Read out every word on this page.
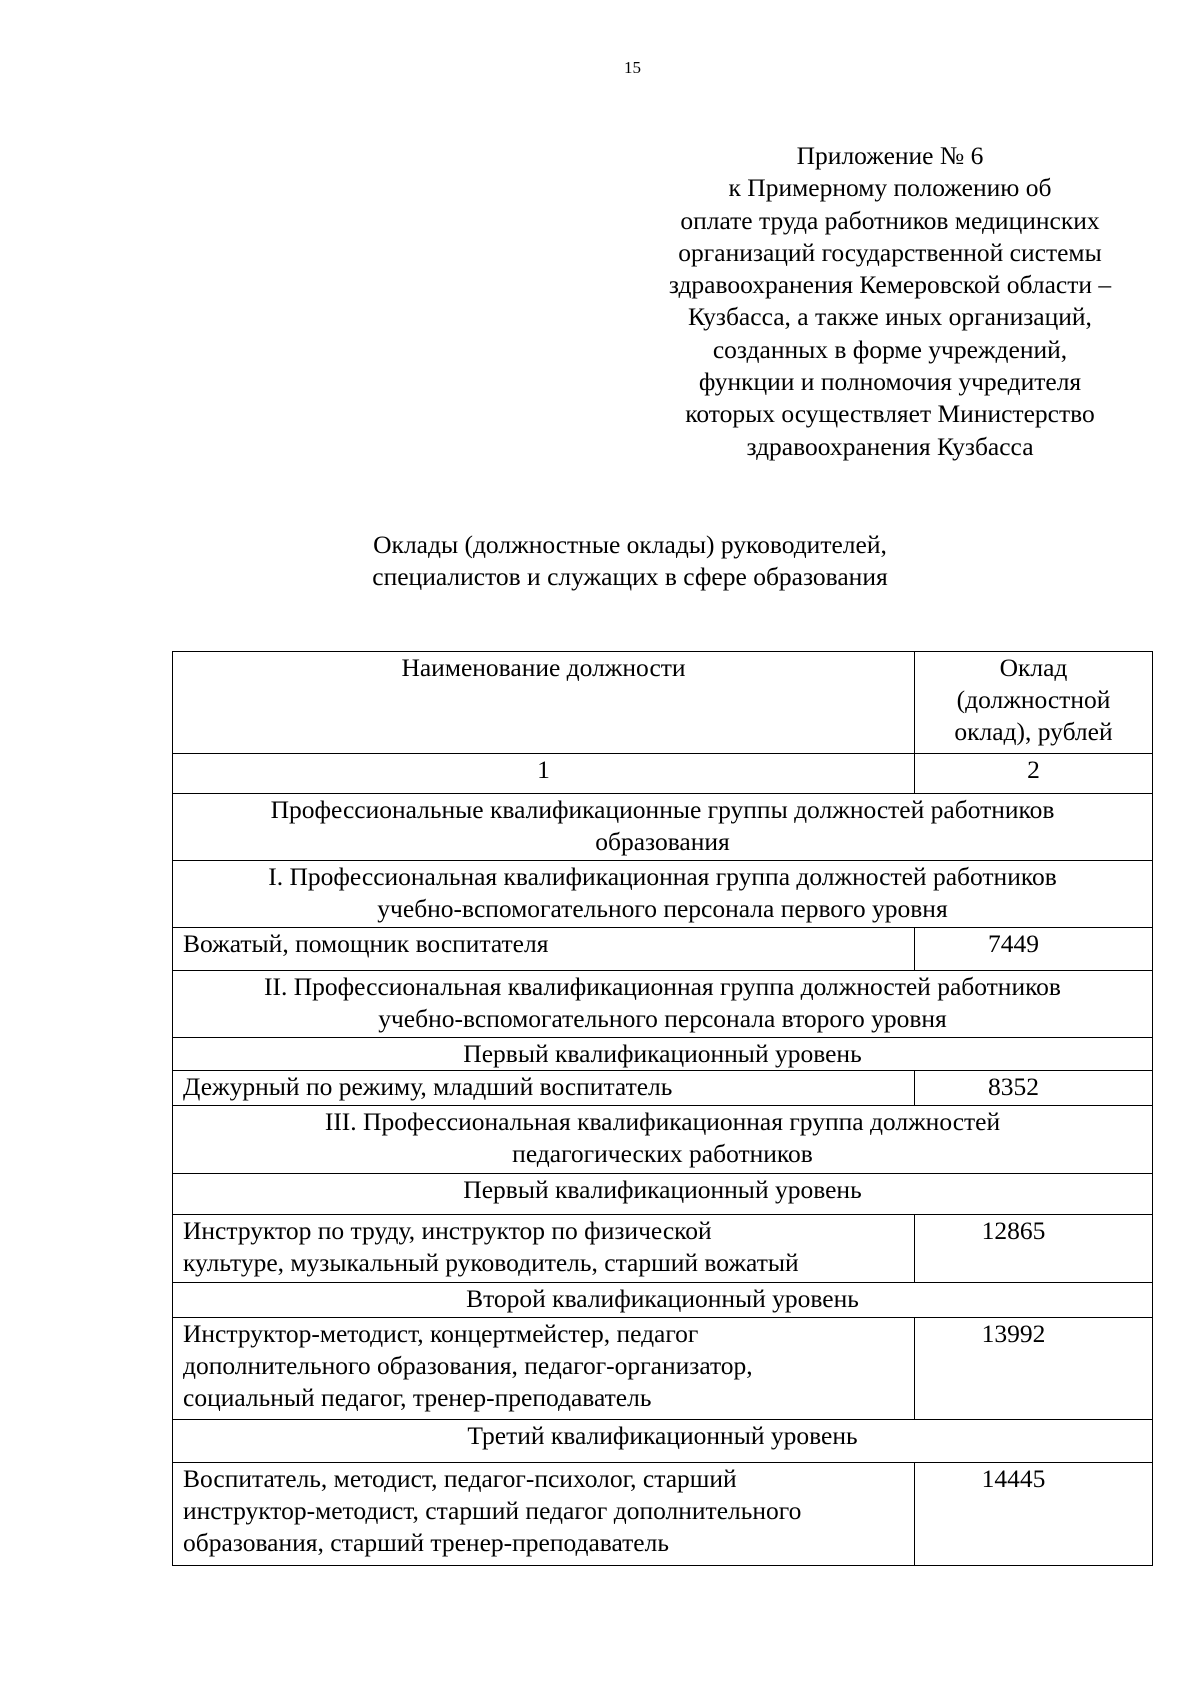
15
Приложение № 6
к Примерному положению об
оплате труда работников медицинских
организаций государственной системы
здравоохранения Кемеровской области –
Кузбасса, а также иных организаций,
созданных в форме учреждений,
функции и полномочия учредителя
которых осуществляет Министерство
здравоохранения Кузбасса
Оклады (должностные оклады) руководителей,
специалистов и служащих в сфере образования
Наименование должности	Оклад
(должностной
оклад), рублей

1	2

Профессиональные квалификационные группы должностей работников
образования	

I. Профессиональная квалификационная группа должностей работников
учебно-вспомогательного персонала первого уровня	

Вожатый, помощник воспитателя	7449

II. Профессиональная квалификационная группа должностей работников
учебно-вспомогательного персонала второго уровня	

Первый квалификационный уровень	
Дежурный по режиму, младший воспитатель	8352

III. Профессиональная квалификационная группа должностей
педагогических работников	

Первый квалификационный уровень	

Инструктор по труду, инструктор по физической
культуре, музыкальный руководитель, старший вожатый	12865
Второй квалификационный уровень	

Инструктор-методист, концертмейстер, педагог
дополнительного образования, педагог-организатор,
социальный педагог, тренер-преподаватель	13992
Третий квалификационный уровень	

Воспитатель, методист, педагог-психолог, старший
инструктор-методист, старший педагог дополнительного
образования, старший тренер-преподаватель	14445
